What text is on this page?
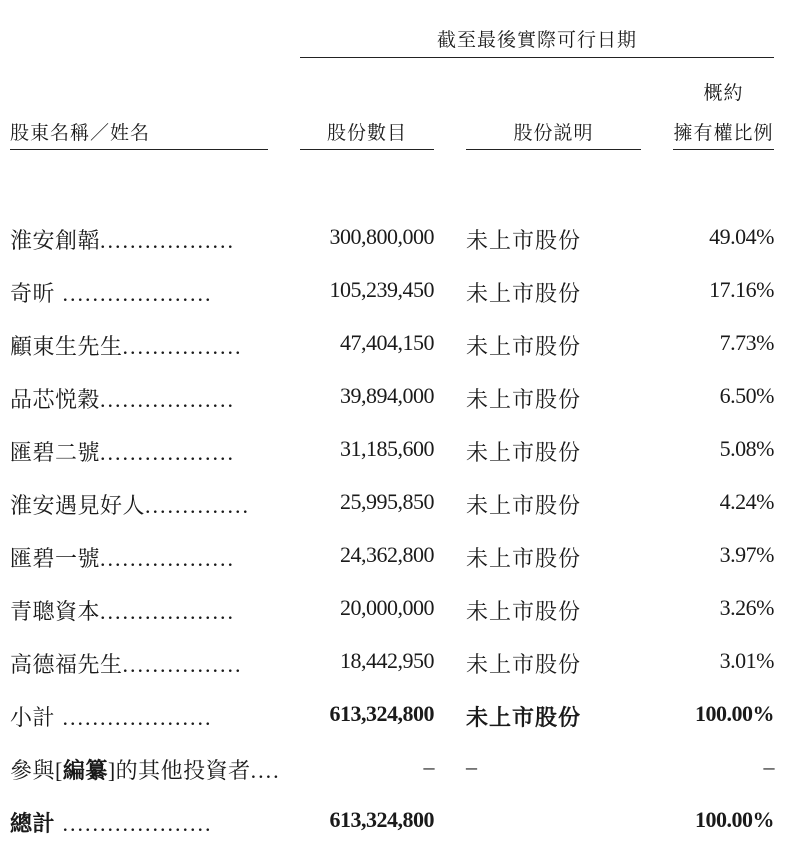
截至最後實際可行日期
股東名稱／姓名	股份數目	股份説明
概約
擁有權比例
淮安創韜..................	300,800,000 未上市股份	49.04%
奇昕 ....................	105,239,450 未上市股份	17.16%
顧東生先生................	47,404,150 未上市股份	7.73%
品芯悦穀..................	39,894,000 未上市股份	6.50%
匯碧二號..................	31,185,600 未上市股份	5.08%
淮安遇見好人..............	25,995,850 未上市股份	4.24%
匯碧一號..................	24,362,800 未上市股份	3.97%
青聰資本..................	20,000,000 未上市股份	3.26%
高德福先生................	18,442,950 未上市股份	3.01%
小計 ....................	613,324,800 未上市股份	100.00%
參與[編纂]的其他投資者....	– –	–
總計 ....................	613,324,800	100.00%
